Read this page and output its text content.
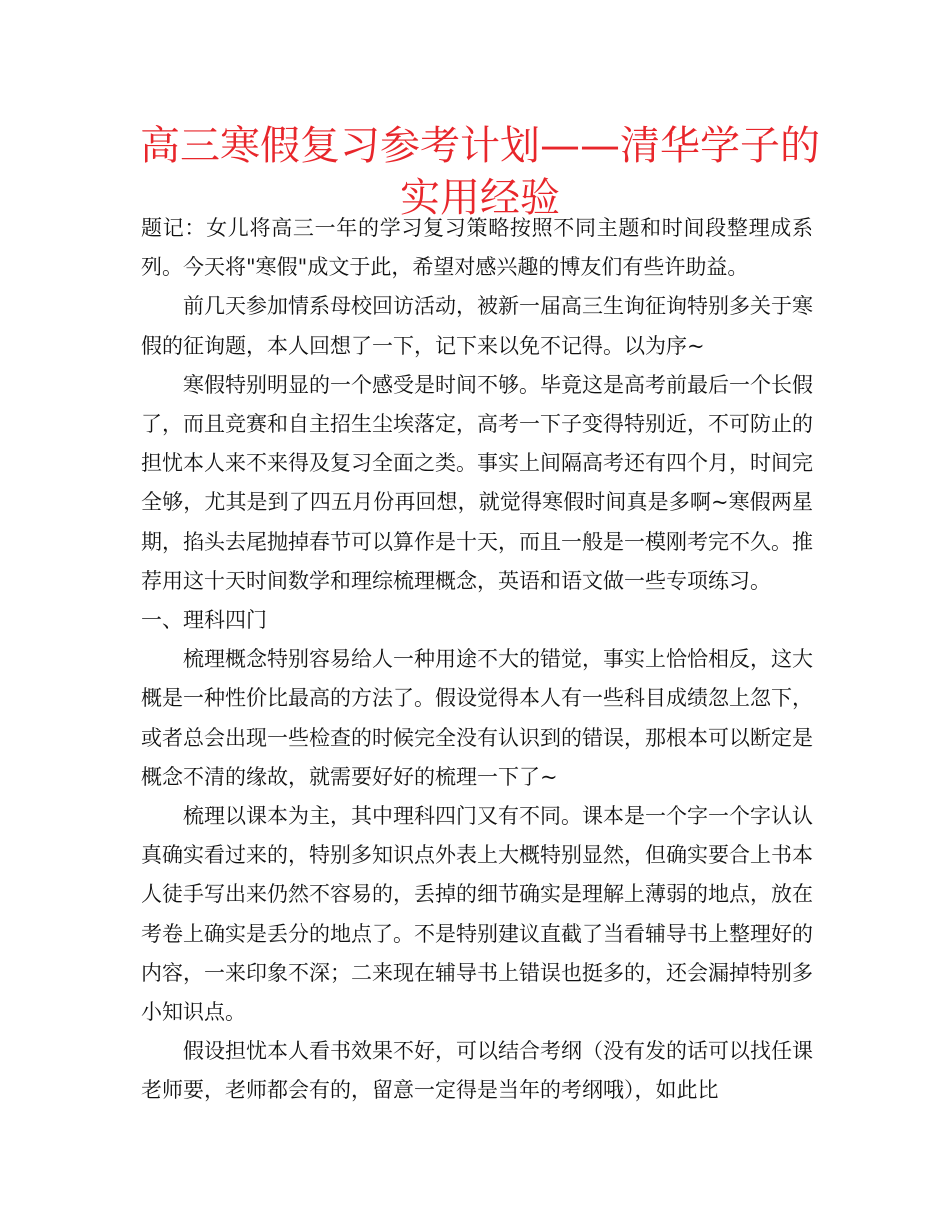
高三寒假复习参考计划——清华学子的实用经验

题记：女儿将高三一年的学习复习策略按照不同主题和时间段整理成系列。今天将"寒假"成文于此，希望对感兴趣的博友们有些许助益。

前几天参加情系母校回访活动，被新一届高三生询征询特别多关于寒假的征询题，本人回想了一下，记下来以免不记得。以为序~

寒假特别明显的一个感受是时间不够。毕竟这是高考前最后一个长假了，而且竞赛和自主招生尘埃落定，高考一下子变得特别近，不可防止的担忧本人来不来得及复习全面之类。事实上间隔高考还有四个月，时间完全够，尤其是到了四五月份再回想，就觉得寒假时间真是多啊~寒假两星期，掐头去尾抛掉春节可以算作是十天，而且一般是一模刚考完不久。推荐用这十天时间数学和理综梳理概念，英语和语文做一些专项练习。

一、理科四门

梳理概念特别容易给人一种用途不大的错觉，事实上恰恰相反，这大概是一种性价比最高的方法了。假设觉得本人有一些科目成绩忽上忽下，或者总会出现一些检查的时候完全没有认识到的错误，那根本可以断定是概念不清的缘故，就需要好好的梳理一下了~

梳理以课本为主，其中理科四门又有不同。课本是一个字一个字认认真确实看过来的，特别多知识点外表上大概特别显然，但确实要合上书本人徒手写出来仍然不容易的，丢掉的细节确实是理解上薄弱的地点，放在考卷上确实是丢分的地点了。不是特别建议直截了当看辅导书上整理好的内容，一来印象不深；二来现在辅导书上错误也挺多的，还会漏掉特别多小知识点。

假设担忧本人看书效果不好，可以结合考纲（没有发的话可以找任课老师要，老师都会有的，留意一定得是当年的考纲哦），如此比
